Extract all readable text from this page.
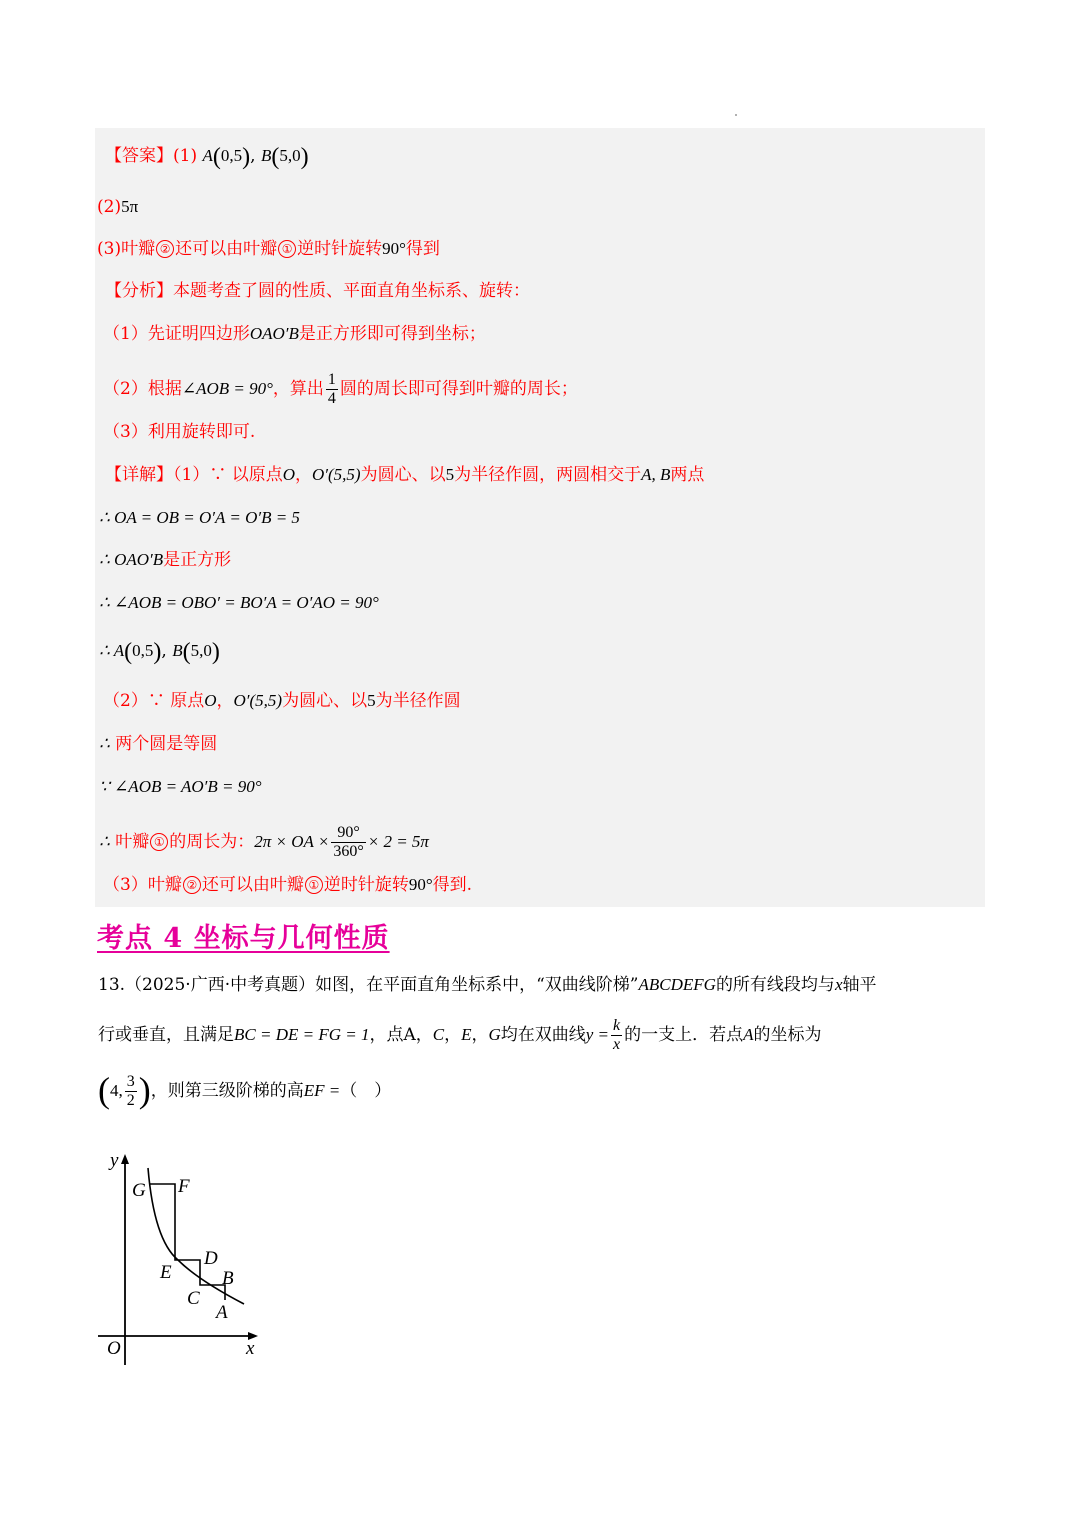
【答案】(1) A(0,5), B(5,0)
(2)5π
(3)叶瓣 ② 还可以由叶瓣 ① 逆时针旋转90°得到
【分析】本题考查了圆的性质、平面直角坐标系、旋转：
（1）先证明四边形OAO′B是正方形即可得到坐标；
（2）根据∠AOB = 90°，算出 $\frac{1}{4}$ 圆的周长即可得到叶瓣的周长；
（3）利用旋转即可.
【详解】（1）∵ 以原点O，O′(5,5)为圆心、以5为半径作圆，两圆相交于A, B两点
∴ OA = OB = O′A = O′B = 5
∴ OAO′B是正方形
∴ ∠AOB = OBO′ = BO′A = O′AO = 90°
∴ A(0,5), B(5,0)
（2）∵ 原点O，O′(5,5)为圆心、以5为半径作圆
∴ 两个圆是等圆
∵ ∠AOB = AO′B = 90°
∴ 叶瓣 ① 的周长为：2π × OA × $\frac{90^\circ}{360^\circ} \times 2 = 5\pi$
（3）叶瓣 ② 还可以由叶瓣 ① 逆时针旋转90°得到.
考点 4 坐标与几何性质
13.（2025·广西·中考真题）如图，在平面直角坐标系中，“双曲线阶梯”ABCDEFG的所有线段均与x轴平
行或垂直，且满足BC = DE = FG = 1，点A，C，E，G均在双曲线$y = \frac{k}{x}$ 的一支上．若点A的坐标为
(4, $\frac{3}{2}$ )，则第三级阶梯的高EF =（　）
y
x
O
G F
D
E	B
C
A
